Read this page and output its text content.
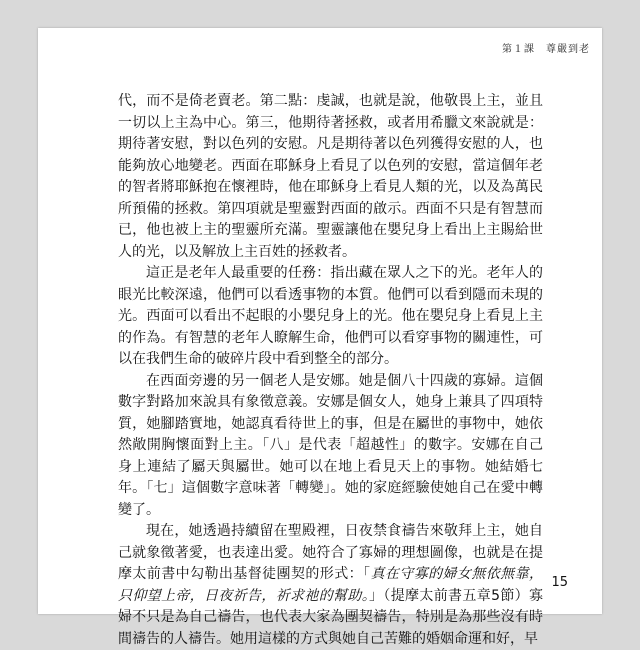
第１課　尊嚴到老

代，而不是倚老賣老。第二點：虔誠，也就是說，他敬畏上主，並且一切以上主為中心。第三，他期待著拯救，或者用希臘文來說就是：期待著安慰，對以色列的安慰。凡是期待著以色列獲得安慰的人，也能夠放心地變老。西面在耶穌身上看見了以色列的安慰，當這個年老的智者將耶穌抱在懷裡時，他在耶穌身上看見人類的光，以及為萬民所預備的拯救。第四項就是聖靈對西面的啟示。西面不只是有智慧而已，他也被上主的聖靈所充滿。聖靈讓他在嬰兒身上看出上主賜給世人的光，以及解放上主百姓的拯救者。

這正是老年人最重要的任務：指出藏在眾人之下的光。老年人的眼光比較深遠，他們可以看透事物的本質。他們可以看到隱而未現的光。西面可以看出不起眼的小嬰兒身上的光。他在嬰兒身上看見上主的作為。有智慧的老年人瞭解生命，他們可以看穿事物的關連性，可以在我們生命的破碎片段中看到整全的部分。

在西面旁邊的另一個老人是安娜。她是個八十四歲的寡婦。這個數字對路加來說具有象徵意義。安娜是個女人，她身上兼具了四項特質，她腳踏實地，她認真看待世上的事，但是在屬世的事物中，她依然敞開胸懷面對上主。「八」是代表「超越性」的數字。安娜在自己身上連結了屬天與屬世。她可以在地上看見天上的事物。她結婚七年。「七」這個數字意味著「轉變」。她的家庭經驗使她自己在愛中轉變了。

現在，她透過持續留在聖殿裡，日夜禁食禱告來敬拜上主，她自己就象徵著愛，也表達出愛。她符合了寡婦的理想圖像，也就是在提摩太前書中勾勒出基督徒團契的形式：「真在守寡的婦女無依無靠，只仰望上帝，日夜祈告，祈求祂的幫助。」（提摩太前書五章5節）寡婦不只是為自己禱告，也代表大家為團契禱告，特別是為那些沒有時間禱告的人禱告。她用這樣的方式與她自己苦難的婚姻命運和好，早

15
